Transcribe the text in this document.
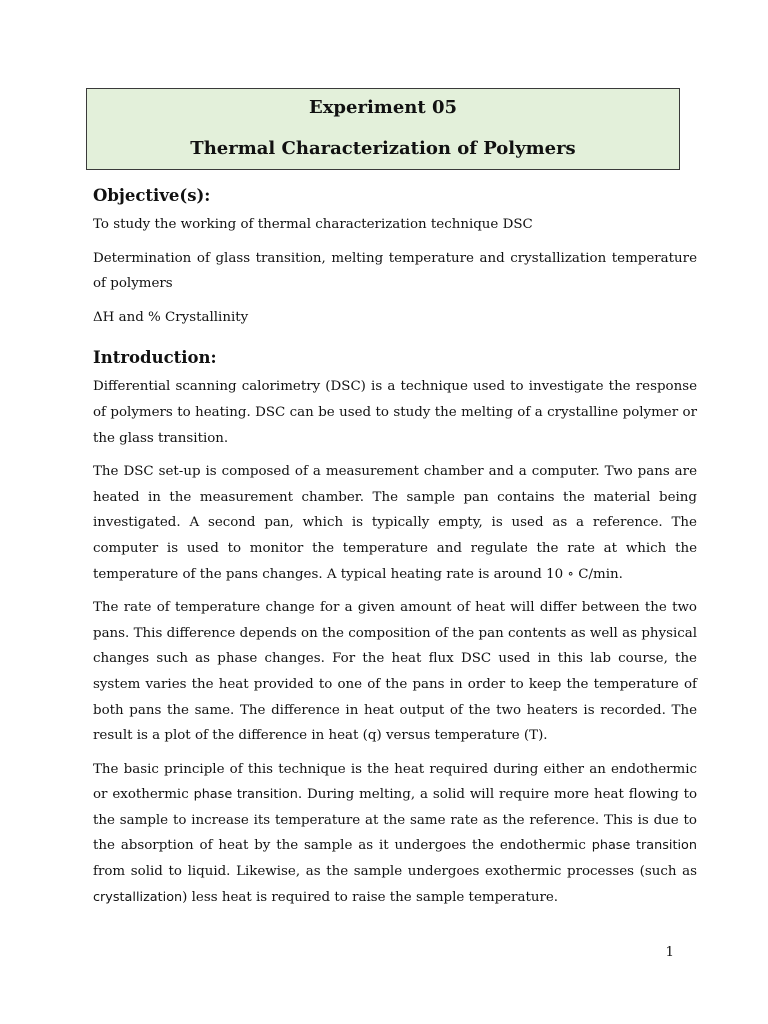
Experiment 05
Thermal Characterization of Polymers
Objective(s):

To study the working of thermal characterization technique DSC

Determination of glass transition, melting temperature and crystallization temperature of polymers

ΔH and % Crystallinity

Introduction:

Differential scanning calorimetry (DSC) is a technique used to investigate the response of polymers to heating. DSC can be used to study the melting of a crystalline polymer or the glass transition.

The DSC set-up is composed of a measurement chamber and a computer. Two pans are heated in the measurement chamber. The sample pan contains the material being investigated. A second pan, which is typically empty, is used as a reference. The computer is used to monitor the temperature and regulate the rate at which the temperature of the pans changes. A typical heating rate is around 10 ∘ C/min.

The rate of temperature change for a given amount of heat will differ between the two pans. This difference depends on the composition of the pan contents as well as physical changes such as phase changes. For the heat flux DSC used in this lab course, the system varies the heat provided to one of the pans in order to keep the temperature of both pans the same. The difference in heat output of the two heaters is recorded. The result is a plot of the difference in heat (q) versus temperature (T).

The basic principle of this technique is the heat required during either an endothermic or exothermic phase transition. During melting, a solid will require more heat flowing to the sample to increase its temperature at the same rate as the reference. This is due to the absorption of heat by the sample as it undergoes the endothermic phase transition from solid to liquid. Likewise, as the sample undergoes exothermic processes (such as crystallization) less heat is required to raise the sample temperature.

1
